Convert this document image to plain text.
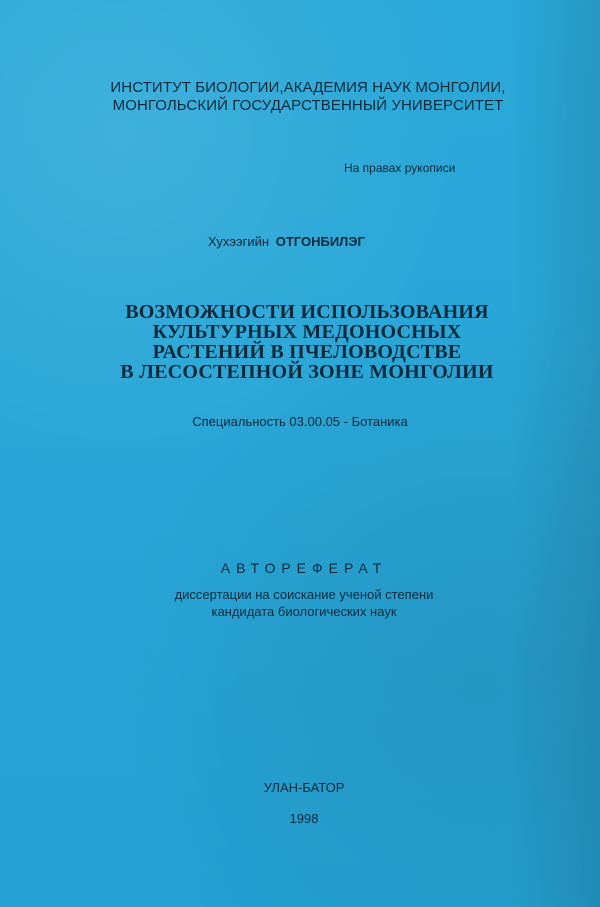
ИНСТИТУТ БИОЛОГИИ,АКАДЕМИЯ НАУК МОНГОЛИИ,
МОНГОЛЬСКИЙ ГОСУДАРСТВЕННЫЙ УНИВЕРСИТЕТ
На правах рукописи
Хухээгийн ОТГОНБИЛЭГ
ВОЗМОЖНОСТИ ИСПОЛЬЗОВАНИЯ
КУЛЬТУРНЫХ МЕДОНОСНЫХ
РАСТЕНИЙ В ПЧЕЛОВОДСТВЕ
В ЛЕСОСТЕПНОЙ ЗОНЕ МОНГОЛИИ
Специальность 03.00.05 - Ботаника
АВТОРЕФЕРАТ
диссертации на соискание ученой степени
кандидата биологических наук
УЛАН-БАТОР
1998
